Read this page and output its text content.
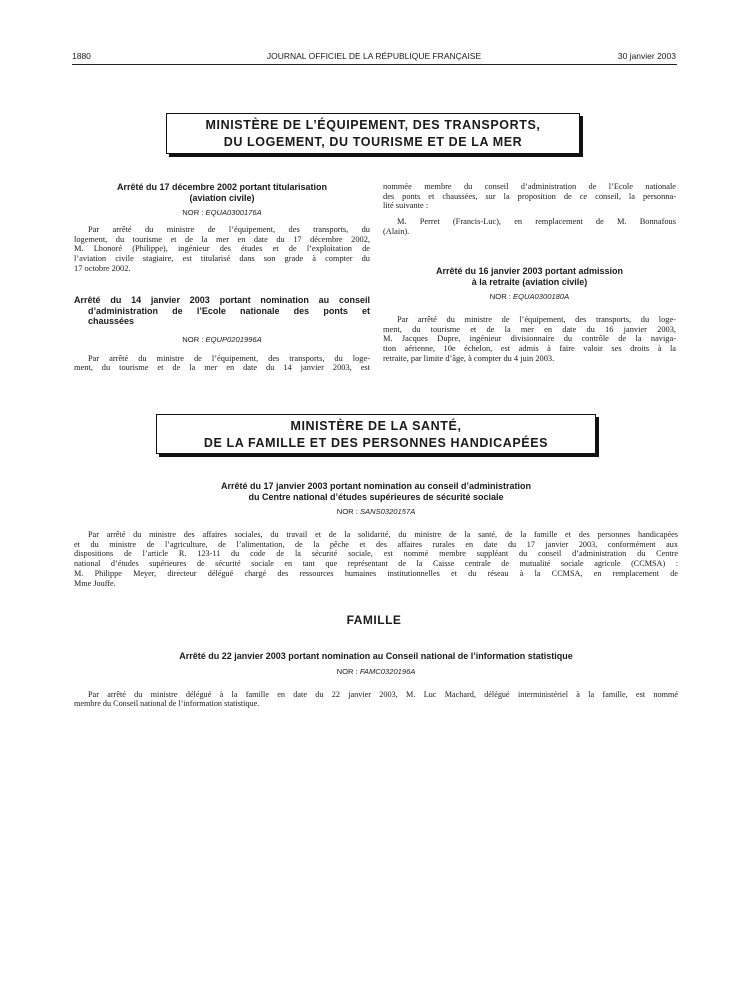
1880	JOURNAL OFFICIEL DE LA RÉPUBLIQUE FRANÇAISE	30 janvier 2003
MINISTÈRE DE L’ÉQUIPEMENT, DES TRANSPORTS,
DU LOGEMENT, DU TOURISME ET DE LA MER
Arrêté du 17 décembre 2002 portant titularisation
(aviation civile)
NOR : EQUA0300176A
Par arrêté du ministre de l’équipement, des transports, du
logement, du tourisme et de la mer en date du 17 décembre 2002,
M. Lhonoré (Philippe), ingénieur des études et de l’exploitation de
l’aviation civile stagiaire, est titularisé dans son grade à compter du
17 octobre 2002.
Arrêté du 14 janvier 2003 portant nomination au conseil
d’administration de l’Ecole nationale des ponts et
chaussées
NOR : EQUP0201996A
Par arrêté du ministre de l’équipement, des transports, du loge-
ment, du tourisme et de la mer en date du 14 janvier 2003, est
nommée membre du conseil d’administration de l’Ecole nationale
des ponts et chaussées, sur la proposition de ce conseil, la personna-
lité suivante :
M. Perret (Francis-Luc), en remplacement de M. Bonnafous
(Alain).
Arrêté du 16 janvier 2003 portant admission
à la retraite (aviation civile)
NOR : EQUA0300180A
Par arrêté du ministre de l’équipement, des transports, du loge-
ment, du tourisme et de la mer en date du 16 janvier 2003,
M. Jacques Dupre, ingénieur divisionnaire du contrôle de la naviga-
tion aérienne, 10e échelon, est admis à faire valoir ses droits à la
retraite, par limite d’âge, à compter du 4 juin 2003.
MINISTÈRE DE LA SANTÉ,
DE LA FAMILLE ET DES PERSONNES HANDICAPÉES
Arrêté du 17 janvier 2003 portant nomination au conseil d’administration
du Centre national d’études supérieures de sécurité sociale
NOR : SANS0320157A
Par arrêté du ministre des affaires sociales, du travail et de la solidarité, du ministre de la santé, de la famille et des personnes handicapées
et du ministre de l’agriculture, de l’alimentation, de la pêche et des affaires rurales en date du 17 janvier 2003, conformément aux
dispositions de l’article R. 123-11 du code de la sécurité sociale, est nommé membre suppléant du conseil d’administration du Centre
national d’études supérieures de sécurité sociale en tant que représentant de la Caisse centrale de mutualité sociale agricole (CCMSA) :
M. Philippe Meyer, directeur délégué chargé des ressources humaines institutionnelles et du réseau à la CCMSA, en remplacement de
Mme Jouffe.
FAMILLE
Arrêté du 22 janvier 2003 portant nomination au Conseil national de l’information statistique
NOR : FAMC0320196A
Par arrêté du ministre délégué à la famille en date du 22 janvier 2003, M. Luc Machard, délégué interministériel à la famille, est nommé
membre du Conseil national de l’information statistique.
